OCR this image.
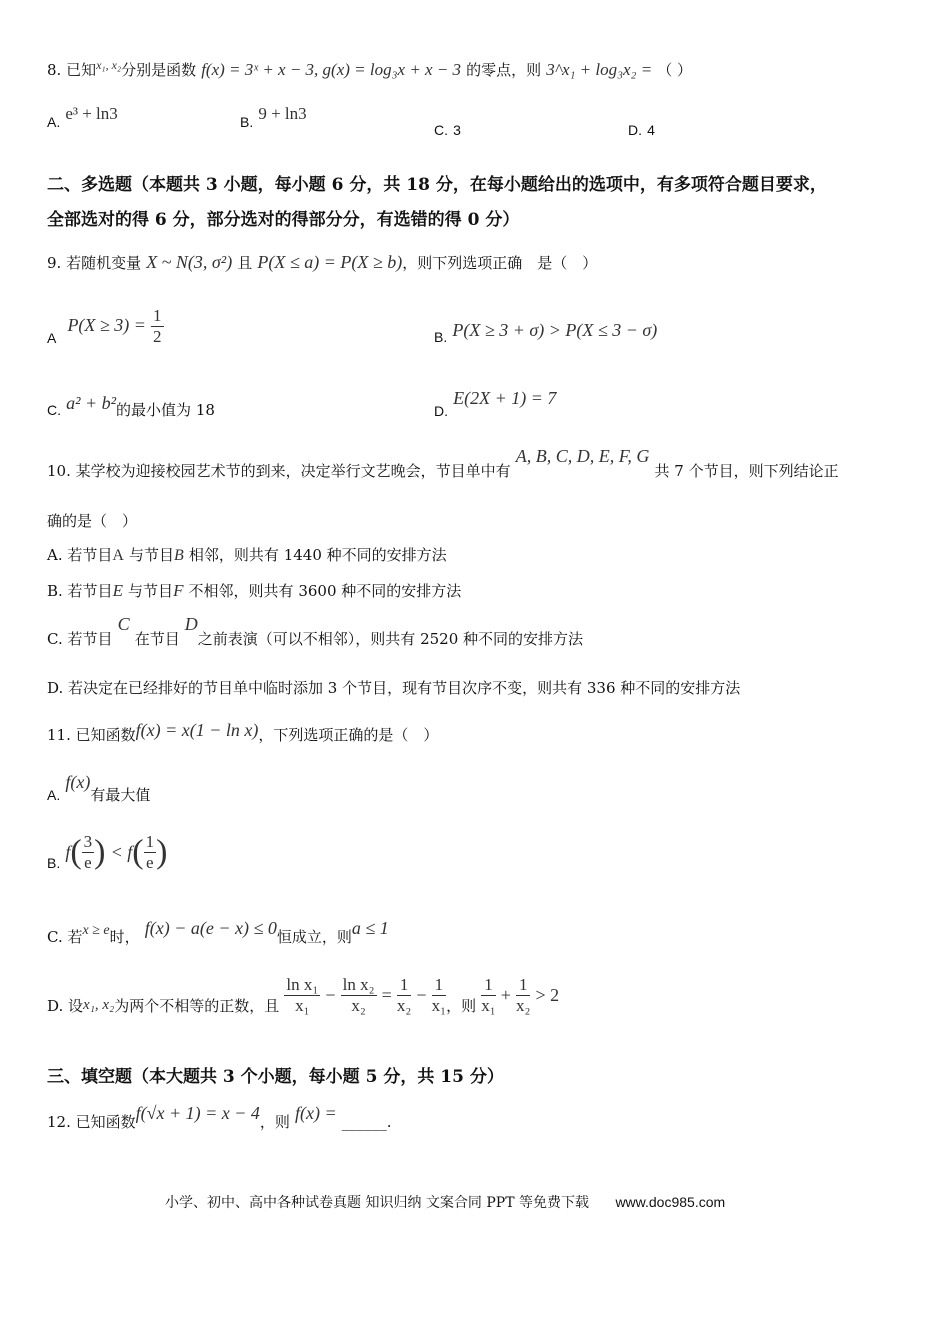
8. 已知$^{x_1, x_2}$分别是函数 f(x) = 3ˣ + x − 3, g(x) = log₃x + x − 3 的零点，则 3^x₁ + log₃x₂ = （ ）
A. e³ + ln3	B. 9 + ln3
C. 3	D. 4
二、多选题（本题共 3 小题，每小题 6 分，共 18 分，在每小题给出的选项中，有多项符合题目要求，
全部选对的得 6 分，部分选对的得部分分，有选错的得 0 分）
9. 若随机变量 X ~ N(3, σ²) 且 P(X ≤ a) = P(X ≥ b)，则下列选项正确　是（　）
A $P(X \ge 3) = \frac{1}{2}$	B. P(X ≥ 3 + σ) > P(X ≤ 3 − σ)
C. a² + b²的最小值为 18	D. E(2X + 1) = 7
10. 某学校为迎接校园艺术节的到来，决定举行文艺晚会，节目单中有 A, B, C, D, E, F, G 共 7 个节目，则下列结论正
确的是（　）
A. 若节目A 与节目B 相邻，则共有 1440 种不同的安排方法
B. 若节目E 与节目F 不相邻，则共有 3600 种不同的安排方法
C. 若节目 C 在节目 D之前表演（可以不相邻），则共有 2520 种不同的安排方法
D. 若决定在已经排好的节目单中临时添加 3 个节目，现有节目次序不变，则共有 336 种不同的安排方法
11. 已知函数f(x) = x(1 − ln x)，下列选项正确的是（　）
A. f(x)有最大值
B. $f( \frac{3}{e}$ ) < $f( \frac{1}{e}$ )
C. 若x ≥ e时， f(x) − a(e − x) ≤ 0恒成立，则a ≤ 1
D. 设x₁, x₂为两个不相等的正数，且 $\frac{\text{ln x₁}}{\text{x₁}} - \frac{\text{ln x₂}}{\text{x₂}} = \frac{1}{\text{x₂}} - \frac{1}{\text{x₁}}$ ，则 $\frac{1}{\text{x₁}} + \frac{1}{\text{x₂}} > 2$
三、填空题（本大题共 3 个小题，每小题 5 分，共 15 分）
12. 已知函数f(√x + 1) = x − 4，则 f(x) = ______.
小学、初中、高中各种试卷真题 知识归纳 文案合同 PPT 等免费下载 www.doc985.com
